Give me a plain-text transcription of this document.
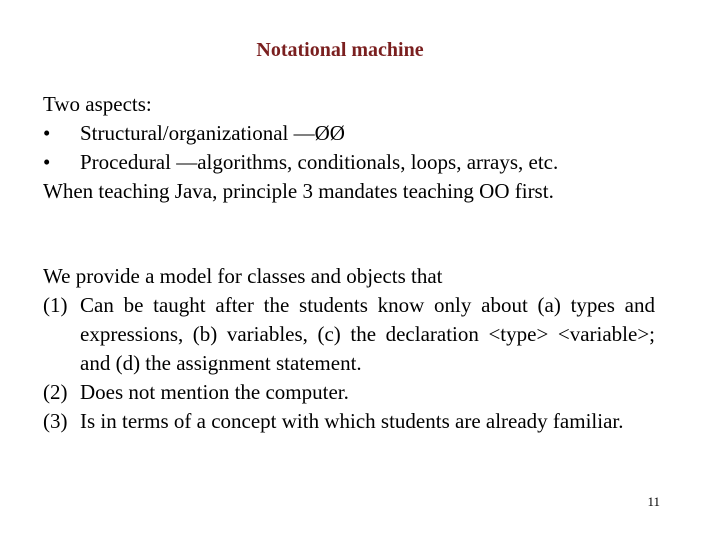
Notational machine
Two aspects:
•	Structural/organizational —ØØ
•	Procedural —algorithms, conditionals, loops, arrays, etc.
When teaching Java, principle 3 mandates teaching OO first.
We provide a model for classes and objects that
(1) Can be taught after the students know only about (a) types and expressions, (b) variables, (c) the declaration <type> <variable>; and (d) the assignment statement.
(2) Does not mention the computer.
(3) Is in terms of a concept with which students are already familiar.
11
